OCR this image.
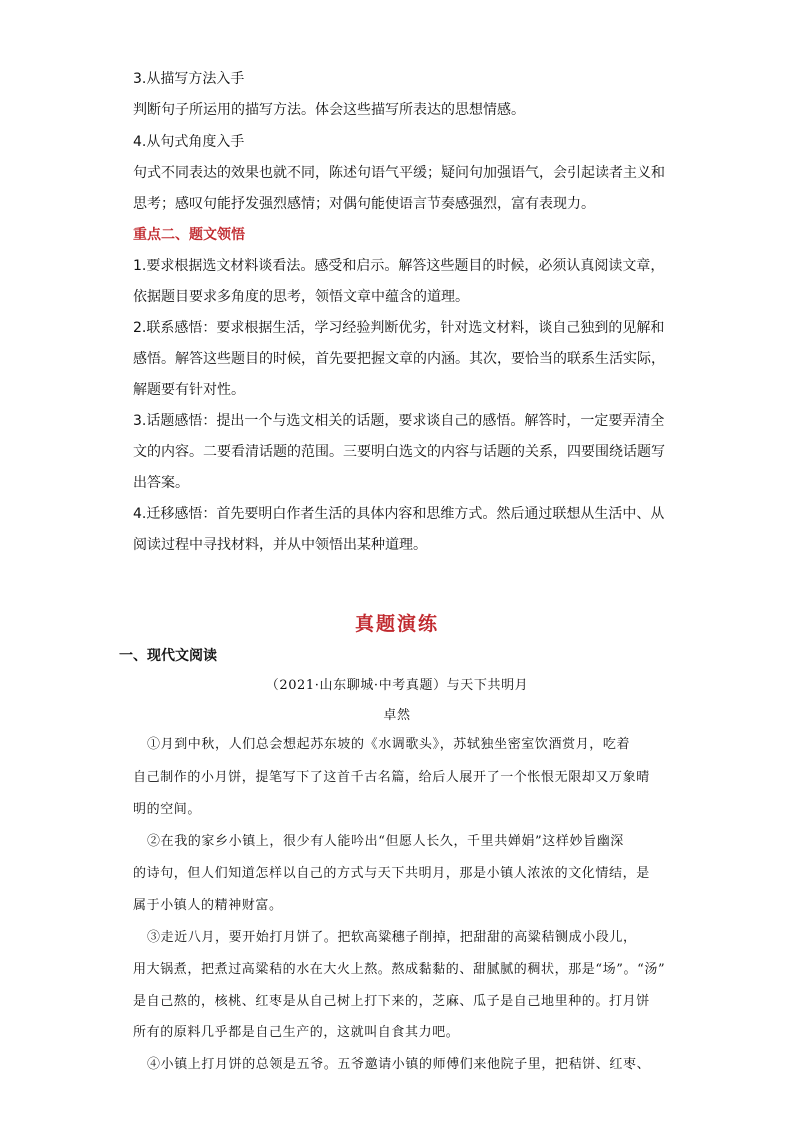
3.从描写方法入手
判断句子所运用的描写方法。体会这些描写所表达的思想情感。
4.从句式角度入手
句式不同表达的效果也就不同，陈述句语气平缓；疑问句加强语气，会引起读者主义和
思考；感叹句能抒发强烈感情；对偶句能使语言节奏感强烈，富有表现力。
重点二、题文领悟
1.要求根据选文材料谈看法。感受和启示。解答这些题目的时候，必须认真阅读文章，
依据题目要求多角度的思考，领悟文章中蕴含的道理。
2.联系感悟：要求根据生活，学习经验判断优劣，针对选文材料，谈自己独到的见解和
感悟。解答这些题目的时候，首先要把握文章的内涵。其次，要恰当的联系生活实际，
解题要有针对性。
3.话题感悟：提出一个与选文相关的话题，要求谈自己的感悟。解答时，一定要弄清全
文的内容。二要看清话题的范围。三要明白选文的内容与话题的关系，四要围绕话题写
出答案。
4.迁移感悟：首先要明白作者生活的具体内容和思维方式。然后通过联想从生活中、从
阅读过程中寻找材料，并从中领悟出某种道理。
真题演练
一、现代文阅读
（2021·山东聊城·中考真题）与天下共明月
卓然
①月到中秋，人们总会想起苏东坡的《水调歌头》，苏轼独坐密室饮酒赏月，吃着
自己制作的小月饼，提笔写下了这首千古名篇，给后人展开了一个怅恨无限却又万象晴
明的空间。
②在我的家乡小镇上，很少有人能吟出“但愿人长久，千里共婵娟”这样妙旨幽深
的诗句，但人们知道怎样以自己的方式与天下共明月，那是小镇人浓浓的文化情结，是
属于小镇人的精神财富。
③走近八月，要开始打月饼了。把软高粱穗子削掉，把甜甜的高粱秸铡成小段儿，
用大锅煮，把煮过高粱秸的水在大火上熬。熬成黏黏的、甜腻腻的稠状，那是“场”。“汤”
是自己熬的，核桃、红枣是从自己树上打下来的，芝麻、瓜子是自己地里种的。打月饼
所有的原料几乎都是自己生产的，这就叫自食其力吧。
④小镇上打月饼的总领是五爷。五爷邀请小镇的师傅们来他院子里，把秸饼、红枣、
